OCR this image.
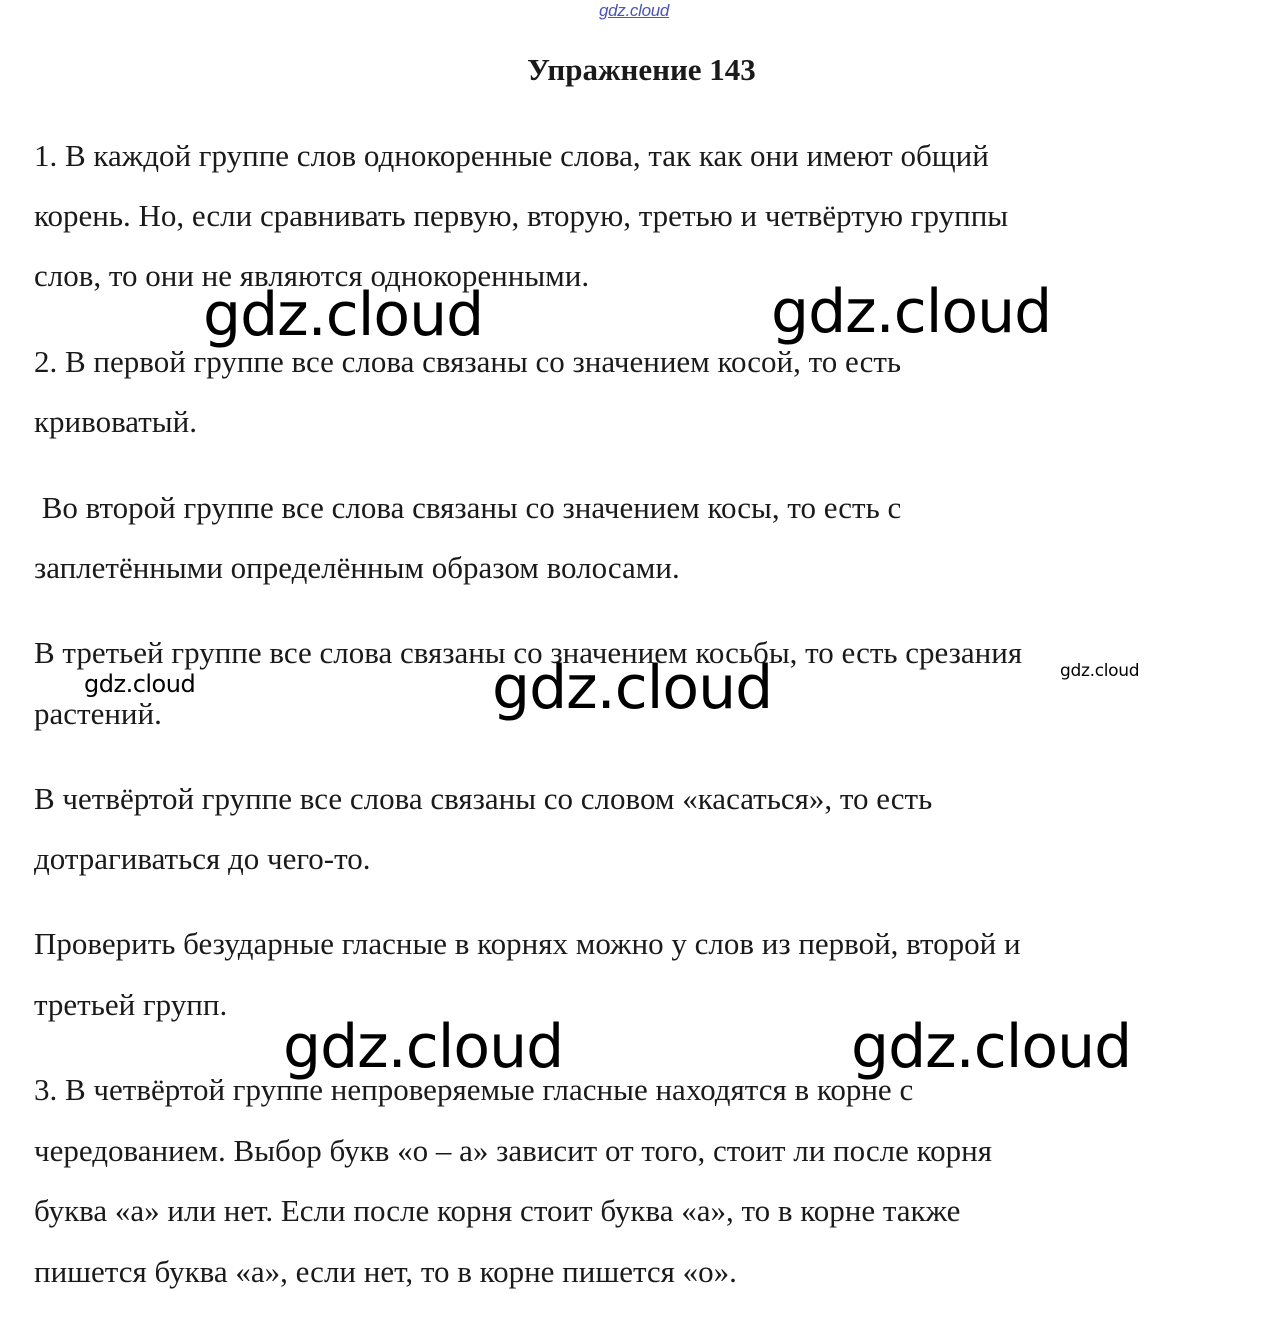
gdz.cloud
Упражнение 143

1. В каждой группе слов однокоренные слова, так как они имеют общий

корень. Но, если сравнивать первую, вторую, третью и четвёртую группы

слов, то они не являются однокоренными.

2. В первой группе все слова связаны со значением косой, то есть

кривоватый.

Во второй группе все слова связаны со значением косы, то есть с

заплетёнными определённым образом волосами.

В третьей группе все слова связаны со значением косьбы, то есть срезания

растений.

В четвёртой группе все слова связаны со словом «касаться», то есть

дотрагиваться до чего-то.

Проверить безударные гласные в корнях можно у слов из первой, второй и

третьей групп.

3. В четвёртой группе непроверяемые гласные находятся в корне с

чередованием. Выбор букв «о – а» зависит от того, стоит ли после корня

буква «а» или нет. Если после корня стоит буква «а», то в корне также

пишется буква «а», если нет, то в корне пишется «о».

gdz.cloud	gdz.cloud
gdz.cloud	gdz.cloud	gdz.cloud
gdz.cloud	gdz.cloud
